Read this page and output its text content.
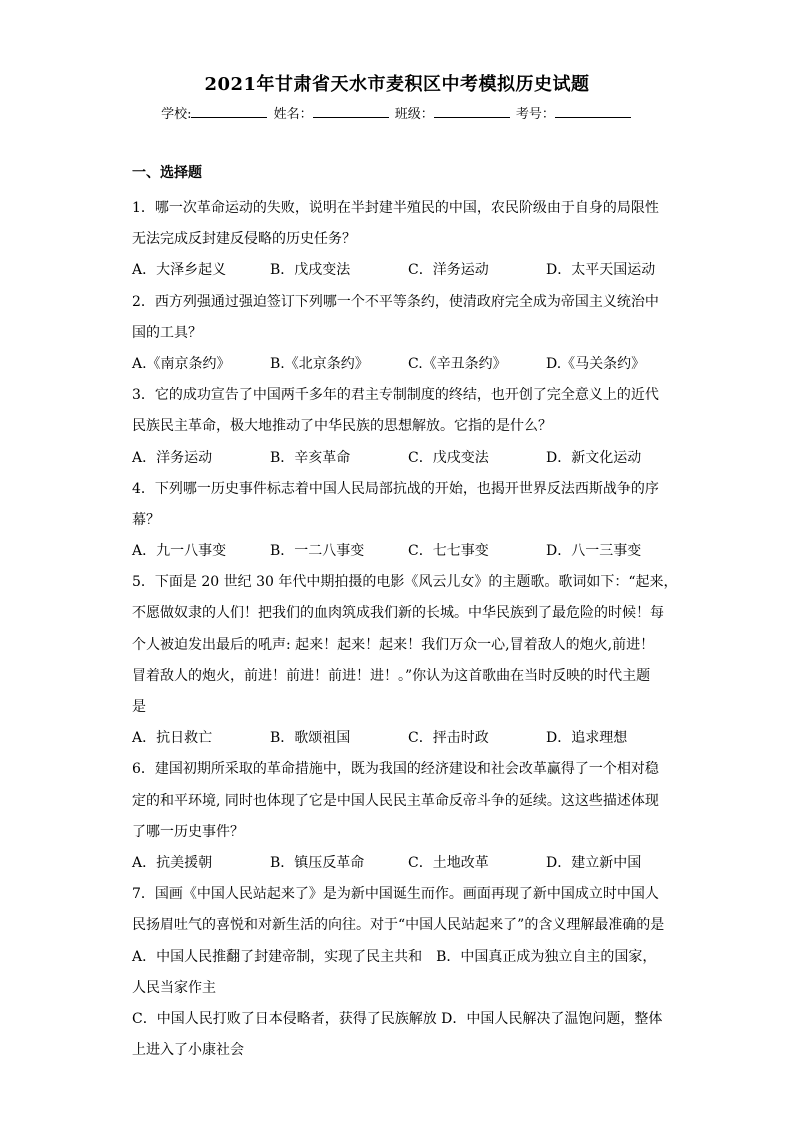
2021年甘肃省天水市麦积区中考模拟历史试题
学校:	姓名：	班级：	考号：
一、选择题
1．哪一次革命运动的失败，说明在半封建半殖民的中国，农民阶级由于自身的局限性
无法完成反封建反侵略的历史任务？
A．大泽乡起义	B．戊戌变法	C．洋务运动	D．太平天国运动
2．西方列强通过强迫签订下列哪一个不平等条约，使清政府完全成为帝国主义统治中
国的工具？
A.《南京条约》	B.《北京条约》	C.《辛丑条约》	D.《马关条约》
3．它的成功宣告了中国两千多年的君主专制制度的终结，也开创了完全意义上的近代
民族民主革命，极大地推动了中华民族的思想解放。它指的是什么？
A．洋务运动	B．辛亥革命	C．戊戌变法	D．新文化运动
4．下列哪一历史事件标志着中国人民局部抗战的开始，也揭开世界反法西斯战争的序
幕？
A．九一八事变	B．一二八事变	C．七七事变	D．八一三事变
5．下面是 20 世纪 30 年代中期拍摄的电影《风云儿女》的主题歌。歌词如下：“起来，
不愿做奴隶的人们！把我们的血肉筑成我们新的长城。中华民族到了最危险的时候！每
个人被迫发出最后的吼声: 起来！起来！起来！我们万众一心,冒着敌人的炮火,前进！
冒着敌人的炮火，前进！前进！前进！进！。”你认为这首歌曲在当时反映的时代主题
是
A．抗日救亡	B．歌颂祖国	C．抨击时政	D．追求理想
6．建国初期所采取的革命措施中，既为我国的经济建设和社会改革赢得了一个相对稳
定的和平环境, 同时也体现了它是中国人民民主革命反帝斗争的延续。这这些描述体现
了哪一历史事件？
A．抗美援朝	B．镇压反革命	C．土地改革	D．建立新中国
7．国画《中国人民站起来了》是为新中国诞生而作。画面再现了新中国成立时中国人
民扬眉吐气的喜悦和对新生活的向往。对于“中国人民站起来了”的含义理解最准确的是
A．中国人民推翻了封建帝制，实现了民主共和　B．中国真正成为独立自主的国家，
人民当家作主
C．中国人民打败了日本侵略者，获得了民族解放 D．中国人民解决了温饱问题，整体
上进入了小康社会
